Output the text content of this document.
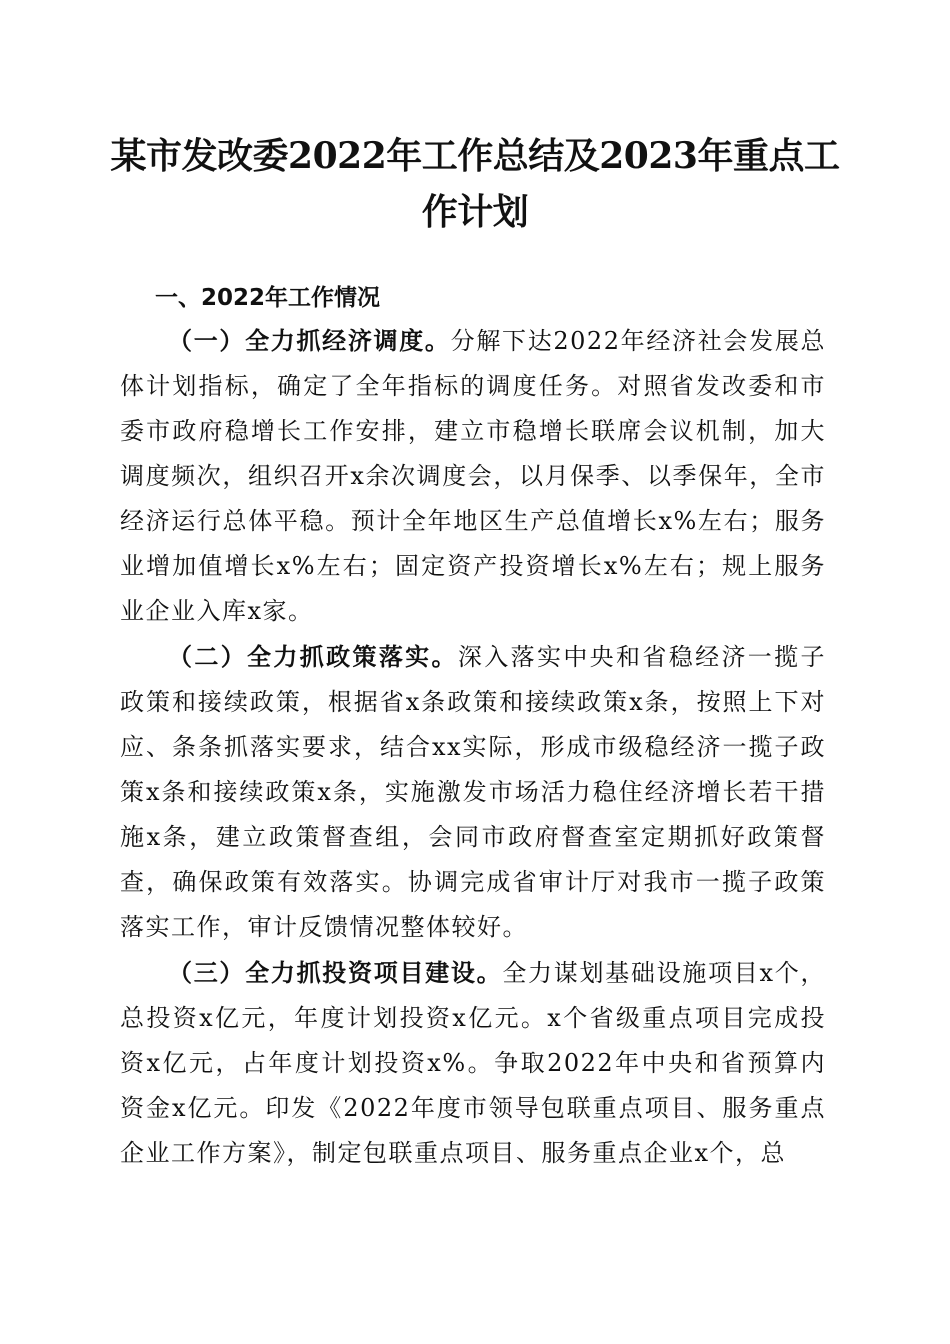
某市发改委2022年工作总结及2023年重点工作计划
一、2022年工作情况

（一）全力抓经济调度。分解下达2022年经济社会发展总体计划指标，确定了全年指标的调度任务。对照省发改委和市委市政府稳增长工作安排，建立市稳增长联席会议机制，加大调度频次，组织召开x余次调度会，以月保季、以季保年，全市经济运行总体平稳。预计全年地区生产总值增长x%左右；服务业增加值增长x%左右；固定资产投资增长x%左右；规上服务业企业入库x家。

（二）全力抓政策落实。深入落实中央和省稳经济一揽子政策和接续政策，根据省x条政策和接续政策x条，按照上下对应、条条抓落实要求，结合xx实际，形成市级稳经济一揽子政策x条和接续政策x条，实施激发市场活力稳住经济增长若干措施x条，建立政策督查组，会同市政府督查室定期抓好政策督查，确保政策有效落实。协调完成省审计厅对我市一揽子政策落实工作，审计反馈情况整体较好。

（三）全力抓投资项目建设。全力谋划基础设施项目x个，总投资x亿元，年度计划投资x亿元。x个省级重点项目完成投资x亿元，占年度计划投资x%。争取2022年中央和省预算内资金x亿元。印发《2022年度市领导包联重点项目、服务重点企业工作方案》，制定包联重点项目、服务重点企业x个，总
